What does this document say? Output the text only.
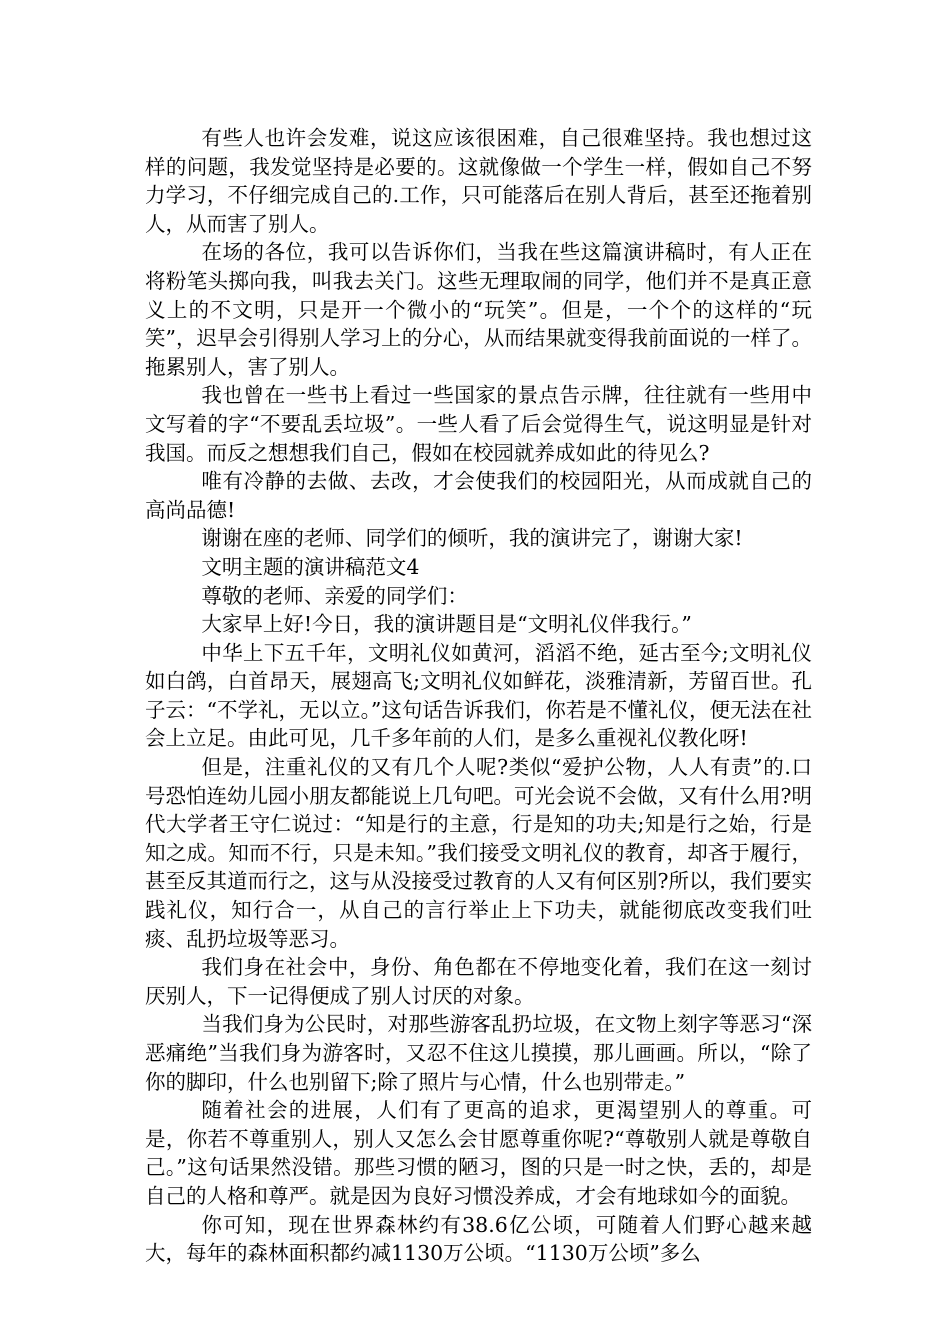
有些人也许会发难，说这应该很困难，自己很难坚持。我也想过这样的问题，我发觉坚持是必要的。这就像做一个学生一样，假如自己不努力学习，不仔细完成自己的.工作，只可能落后在别人背后，甚至还拖着别人，从而害了别人。

在场的各位，我可以告诉你们，当我在些这篇演讲稿时，有人正在将粉笔头掷向我，叫我去关门。这些无理取闹的同学，他们并不是真正意义上的不文明，只是开一个微小的“玩笑”。但是，一个个的这样的“玩笑”，迟早会引得别人学习上的分心，从而结果就变得我前面说的一样了。拖累别人，害了别人。

我也曾在一些书上看过一些国家的景点告示牌，往往就有一些用中文写着的字“不要乱丢垃圾”。一些人看了后会觉得生气，说这明显是针对我国。而反之想想我们自己，假如在校园就养成如此的待见么?

唯有冷静的去做、去改，才会使我们的校园阳光，从而成就自己的高尚品德!

谢谢在座的老师、同学们的倾听，我的演讲完了，谢谢大家!

文明主题的演讲稿范文4

尊敬的老师、亲爱的同学们：

大家早上好!今日，我的演讲题目是“文明礼仪伴我行。”

中华上下五千年，文明礼仪如黄河，滔滔不绝，延古至今;文明礼仪如白鸽，白首昂天，展翅高飞;文明礼仪如鲜花，淡雅清新，芳留百世。孔子云：“不学礼，无以立。”这句话告诉我们，你若是不懂礼仪，便无法在社会上立足。由此可见，几千多年前的人们，是多么重视礼仪教化呀!

但是，注重礼仪的又有几个人呢?类似“爱护公物，人人有责”的.口号恐怕连幼儿园小朋友都能说上几句吧。可光会说不会做，又有什么用?明代大学者王守仁说过：“知是行的主意，行是知的功夫;知是行之始，行是知之成。知而不行，只是未知。”我们接受文明礼仪的教育，却吝于履行，甚至反其道而行之，这与从没接受过教育的人又有何区别?所以，我们要实践礼仪，知行合一，从自己的言行举止上下功夫，就能彻底改变我们吐痰、乱扔垃圾等恶习。

我们身在社会中，身份、角色都在不停地变化着，我们在这一刻讨厌别人，下一记得便成了别人讨厌的对象。

当我们身为公民时，对那些游客乱扔垃圾，在文物上刻字等恶习“深恶痛绝”当我们身为游客时，又忍不住这儿摸摸，那儿画画。所以，“除了你的脚印，什么也别留下;除了照片与心情，什么也别带走。”

随着社会的进展，人们有了更高的追求，更渴望别人的尊重。可是，你若不尊重别人，别人又怎么会甘愿尊重你呢?“尊敬别人就是尊敬自己。”这句话果然没错。那些习惯的陋习，图的只是一时之快，丢的，却是自己的人格和尊严。就是因为良好习惯没养成，才会有地球如今的面貌。

你可知，现在世界森林约有38.6亿公顷，可随着人们野心越来越大，每年的森林面积都约减1130万公顷。“1130万公顷”多么
